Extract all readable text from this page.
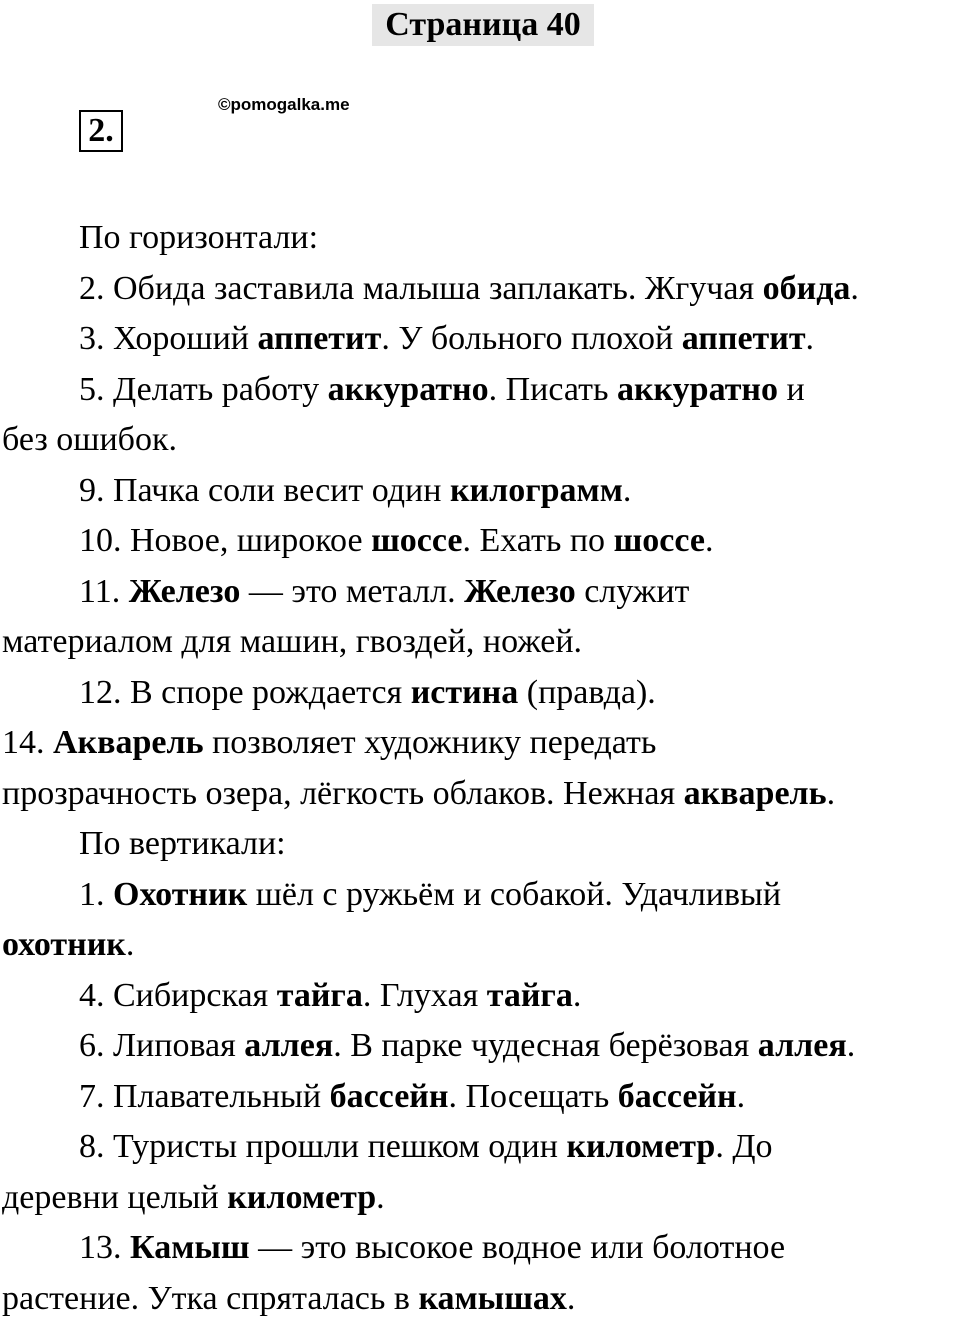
Страница 40
2.
©pomogalka.me
По горизонтали:
2. Обида заставила малыша заплакать. Жгучая обида.
3. Хороший аппетит. У больного плохой аппетит.
5. Делать работу аккуратно. Писать аккуратно и
без ошибок.
9. Пачка соли весит один килограмм.
10. Новое, широкое шоссе. Ехать по шоссе.
11. Железо — это металл. Железо служит
материалом для машин, гвоздей, ножей.
12. В споре рождается истина (правда).
14. Акварель позволяет художнику передать
прозрачность озера, лёгкость облаков. Нежная акварель.
По вертикали:
1. Охотник шёл с ружьём и собакой. Удачливый
охотник.
4. Сибирская тайга. Глухая тайга.
6. Липовая аллея. В парке чудесная берёзовая аллея.
7. Плавательный бассейн. Посещать бассейн.
8. Туристы прошли пешком один километр. До
деревни целый километр.
13. Камыш — это высокое водное или болотное
растение. Утка спряталась в камышах.
